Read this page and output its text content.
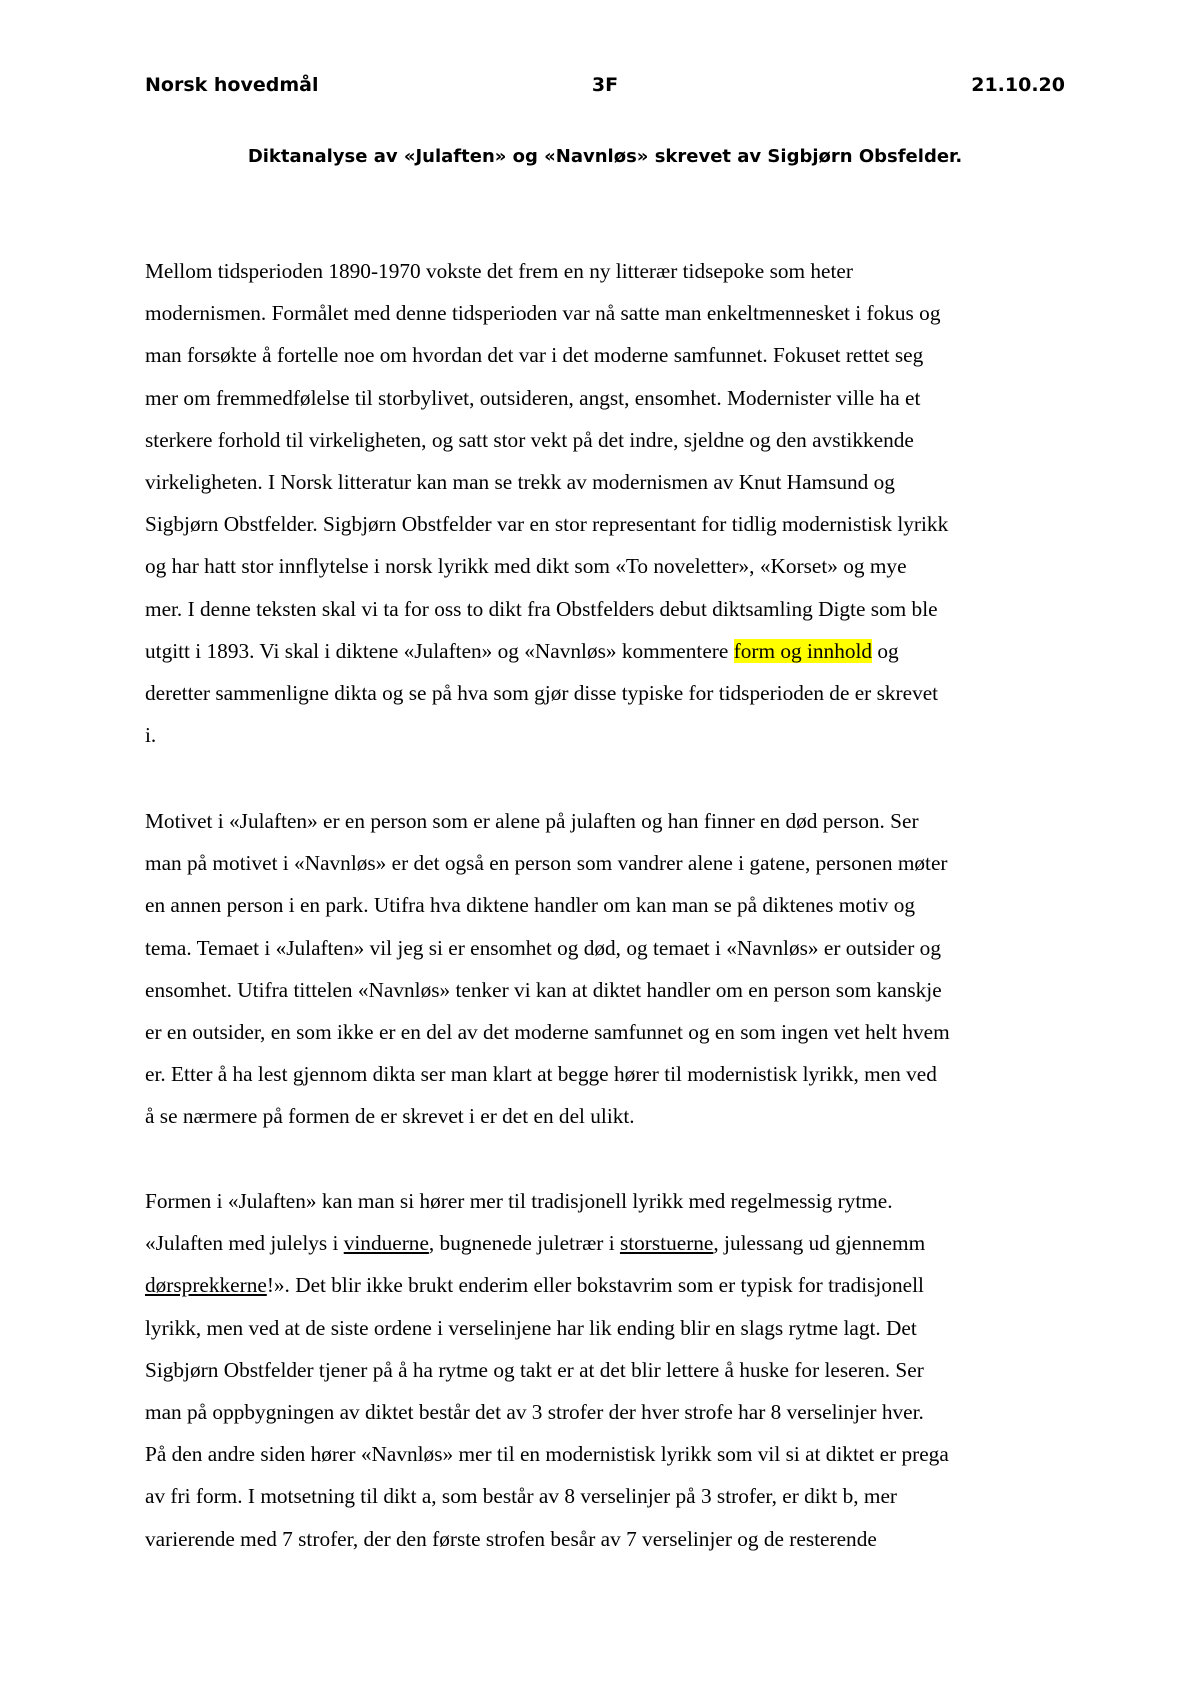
Norsk hovedmål	3F	21.10.20
Diktanalyse av «Julaften» og «Navnløs» skrevet av Sigbjørn Obsfelder.
Mellom tidsperioden 1890-1970 vokste det frem en ny litterær tidsepoke som heter
modernismen. Formålet med denne tidsperioden var nå satte man enkeltmennesket i fokus og
man forsøkte å fortelle noe om hvordan det var i det moderne samfunnet. Fokuset rettet seg
mer om fremmedfølelse til storbylivet, outsideren, angst, ensomhet. Modernister ville ha et
sterkere forhold til virkeligheten, og satt stor vekt på det indre, sjeldne og den avstikkende
virkeligheten. I Norsk litteratur kan man se trekk av modernismen av Knut Hamsund og
Sigbjørn Obstfelder. Sigbjørn Obstfelder var en stor representant for tidlig modernistisk lyrikk
og har hatt stor innflytelse i norsk lyrikk med dikt som «To noveletter», «Korset» og mye
mer. I denne teksten skal vi ta for oss to dikt fra Obstfelders debut diktsamling Digte som ble
utgitt i 1893. Vi skal i diktene «Julaften» og «Navnløs» kommentere form og innhold og
deretter sammenligne dikta og se på hva som gjør disse typiske for tidsperioden de er skrevet
i.
Motivet i «Julaften» er en person som er alene på julaften og han finner en død person. Ser
man på motivet i «Navnløs» er det også en person som vandrer alene i gatene, personen møter
en annen person i en park. Utifra hva diktene handler om kan man se på diktenes motiv og
tema. Temaet i «Julaften» vil jeg si er ensomhet og død, og temaet i «Navnløs» er outsider og
ensomhet. Utifra tittelen «Navnløs» tenker vi kan at diktet handler om en person som kanskje
er en outsider, en som ikke er en del av det moderne samfunnet og en som ingen vet helt hvem
er. Etter å ha lest gjennom dikta ser man klart at begge hører til modernistisk lyrikk, men ved
å se nærmere på formen de er skrevet i er det en del ulikt.
Formen i «Julaften» kan man si hører mer til tradisjonell lyrikk med regelmessig rytme.
«Julaften med julelys i vinduerne, bugnenede juletrær i storstuerne, julessang ud gjennemm
dørsprekkerne!». Det blir ikke brukt enderim eller bokstavrim som er typisk for tradisjonell
lyrikk, men ved at de siste ordene i verselinjene har lik ending blir en slags rytme lagt. Det
Sigbjørn Obstfelder tjener på å ha rytme og takt er at det blir lettere å huske for leseren. Ser
man på oppbygningen av diktet består det av 3 strofer der hver strofe har 8 verselinjer hver.
På den andre siden hører «Navnløs» mer til en modernistisk lyrikk som vil si at diktet er prega
av fri form. I motsetning til dikt a, som består av 8 verselinjer på 3 strofer, er dikt b, mer
varierende med 7 strofer, der den første strofen besår av 7 verselinjer og de resterende
